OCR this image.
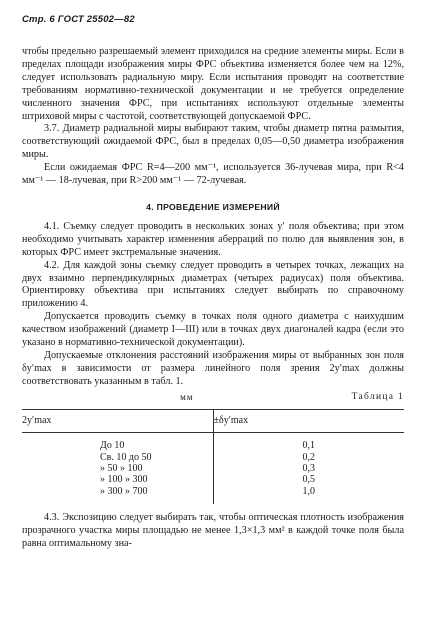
Стр. 6 ГОСТ 25502—82

чтобы предельно разрешаемый элемент приходился на средние элементы миры. Если в пределах площади изображения миры ФРС объектива изменяется более чем на 12%, следует использовать радиальную миру. Если испытания проводят на соответствие требованиям нормативно-технической документации и не требуется определение численного значения ФРС, при испытаниях используют отдельные элементы штриховой миры с частотой, соответствующей допускаемой ФРС.

3.7. Диаметр радиальной миры выбирают таким, чтобы диаметр пятна размытия, соответствующий ожидаемой ФРС, был в пределах 0,05—0,50 диаметра изображения миры.

Если ожидаемая ФРС R=4—200 мм⁻¹, используется 36-лучевая мира, при R<4 мм⁻¹ — 18-лучевая, при R>200 мм⁻¹ — 72-лучевая.

4. ПРОВЕДЕНИЕ ИЗМЕРЕНИЙ

4.1. Съемку следует проводить в нескольких зонах y′ поля объектива; при этом необходимо учитывать характер изменения аберраций по полю для выявления зон, в которых ФРС имеет экстремальные значения.

4.2. Для каждой зоны съемку следует проводить в четырех точках, лежащих на двух взаимно перпендикулярных диаметрах (четырех радиусах) поля объектива. Ориентировку объектива при испытаниях следует выбирать по справочному приложению 4.

Допускается проводить съемку в точках поля одного диаметра с наихудшим качеством изображений (диаметр I—III) или в точках двух диагоналей кадра (если это указано в нормативно-технической документации).

Допускаемые отклонения расстояний изображения миры от выбранных зон поля δy′max в зависимости от размера линейного поля зрения 2y′max должны соответствовать указанным в табл. 1.

мм	Таблица 1
2y′max	±δy′max
До 10	0,1
Св. 10 до 50	0,2
» 50 » 100	0,3
» 100 » 300	0,5
» 300 » 700	1,0

4.3. Экспозицию следует выбирать так, чтобы оптическая плотность изображения прозрачного участка миры площадью не менее 1,3×1,3 мм² в каждой точке поля была равна оптимальному зна-
